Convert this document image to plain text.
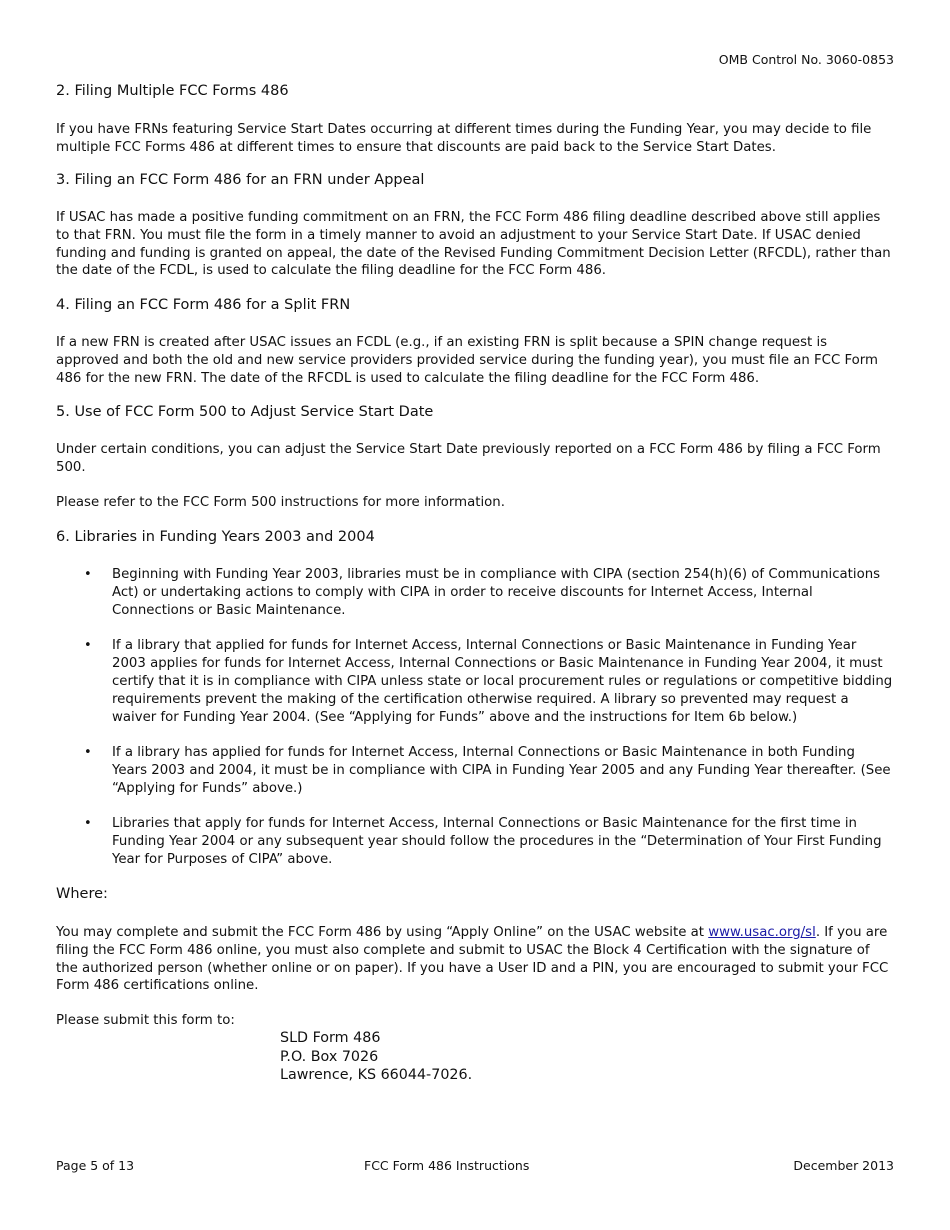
OMB Control No. 3060-0853
2. Filing Multiple FCC Forms 486

If you have FRNs featuring Service Start Dates occurring at different times during the Funding Year, you may decide to file multiple FCC Forms 486 at different times to ensure that discounts are paid back to the Service Start Dates.

3. Filing an FCC Form 486 for an FRN under Appeal

If USAC has made a positive funding commitment on an FRN, the FCC Form 486 filing deadline described above still applies to that FRN. You must file the form in a timely manner to avoid an adjustment to your Service Start Date. If USAC denied funding and funding is granted on appeal, the date of the Revised Funding Commitment Decision Letter (RFCDL), rather than the date of the FCDL, is used to calculate the filing deadline for the FCC Form 486.

4. Filing an FCC Form 486 for a Split FRN

If a new FRN is created after USAC issues an FCDL (e.g., if an existing FRN is split because a SPIN change request is approved and both the old and new service providers provided service during the funding year), you must file an FCC Form 486 for the new FRN. The date of the RFCDL is used to calculate the filing deadline for the FCC Form 486.

5. Use of FCC Form 500 to Adjust Service Start Date

Under certain conditions, you can adjust the Service Start Date previously reported on a FCC Form 486 by filing a FCC Form 500.

Please refer to the FCC Form 500 instructions for more information.

6. Libraries in Funding Years 2003 and 2004
• Beginning with Funding Year 2003, libraries must be in compliance with CIPA (section 254(h)(6) of Communications Act) or undertaking actions to comply with CIPA in order to receive discounts for Internet Access, Internal Connections or Basic Maintenance.

• If a library that applied for funds for Internet Access, Internal Connections or Basic Maintenance in Funding Year 2003 applies for funds for Internet Access, Internal Connections or Basic Maintenance in Funding Year 2004, it must certify that it is in compliance with CIPA unless state or local procurement rules or regulations or competitive bidding requirements prevent the making of the certification otherwise required. A library so prevented may request a waiver for Funding Year 2004. (See “Applying for Funds” above and the instructions for Item 6b below.)

• If a library has applied for funds for Internet Access, Internal Connections or Basic Maintenance in both Funding Years 2003 and 2004, it must be in compliance with CIPA in Funding Year 2005 and any Funding Year thereafter. (See “Applying for Funds” above.)

• Libraries that apply for funds for Internet Access, Internal Connections or Basic Maintenance for the first time in Funding Year 2004 or any subsequent year should follow the procedures in the “Determination of Your First Funding Year for Purposes of CIPA” above.

Where:

You may complete and submit the FCC Form 486 by using “Apply Online” on the USAC website at www.usac.org/sl. If you are filing the FCC Form 486 online, you must also complete and submit to USAC the Block 4 Certification with the signature of the authorized person (whether online or on paper). If you have a User ID and a PIN, you are encouraged to submit your FCC Form 486 certifications online.

Please submit this form to:

SLD Form 486
P.O. Box 7026
Lawrence, KS 66044-7026.
Page 5 of 13	FCC Form 486 Instructions	December 2013
